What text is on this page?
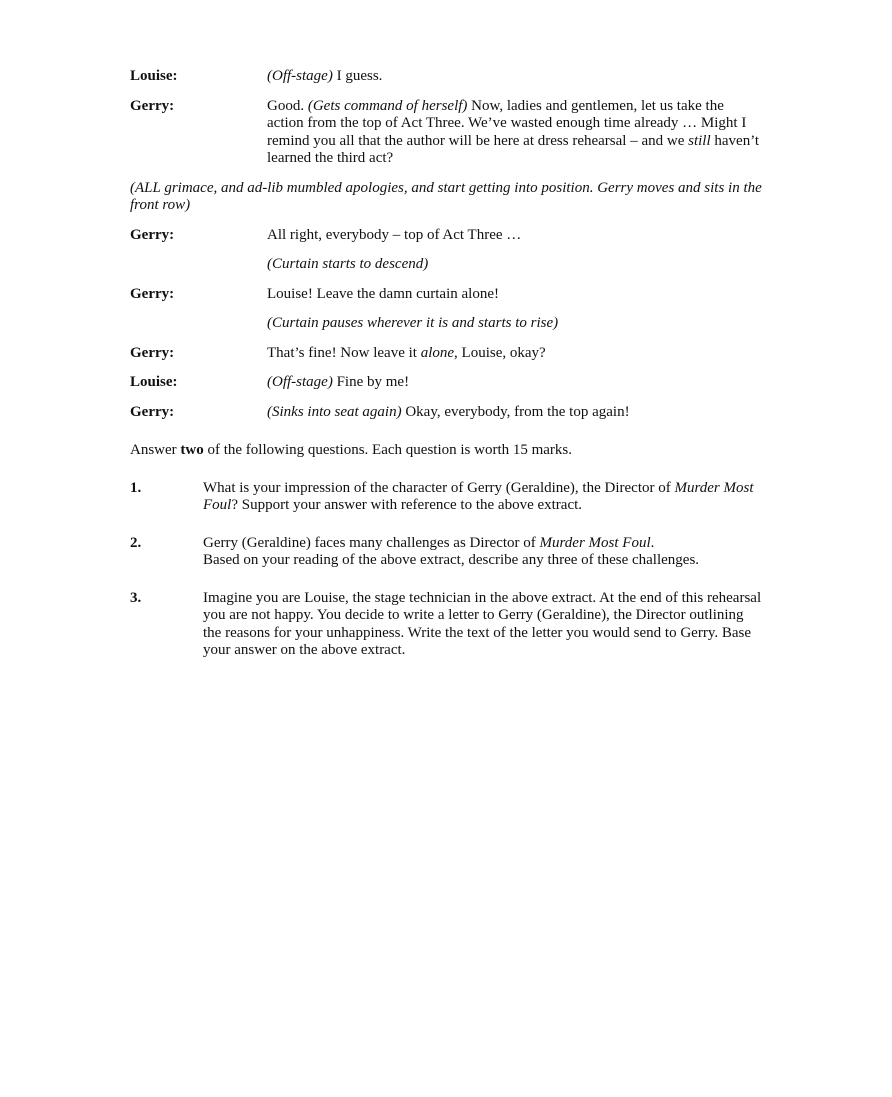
Louise:	(Off-stage) I guess.
Gerry:	Good. (Gets command of herself) Now, ladies and gentlemen, let us take the action from the top of Act Three. We’ve wasted enough time already … Might I remind you all that the author will be here at dress rehearsal – and we still haven’t learned the third act?

(ALL grimace, and ad-lib mumbled apologies, and start getting into position. Gerry moves and sits in the front row)

Gerry:	All right, everybody – top of Act Three …
(Curtain starts to descend)
Gerry:	Louise! Leave the damn curtain alone!
(Curtain pauses wherever it is and starts to rise)
Gerry:	That’s fine! Now leave it alone, Louise, okay?
Louise:	(Off-stage) Fine by me!
Gerry:	(Sinks into seat again) Okay, everybody, from the top again!

Answer two of the following questions. Each question is worth 15 marks.

1.	What is your impression of the character of Gerry (Geraldine), the Director of Murder Most Foul? Support your answer with reference to the above extract.
2.	Gerry (Geraldine) faces many challenges as Director of Murder Most Foul.
Based on your reading of the above extract, describe any three of these challenges.
3.	Imagine you are Louise, the stage technician in the above extract. At the end of this rehearsal you are not happy. You decide to write a letter to Gerry (Geraldine), the Director outlining the reasons for your unhappiness. Write the text of the letter you would send to Gerry. Base your answer on the above extract.
